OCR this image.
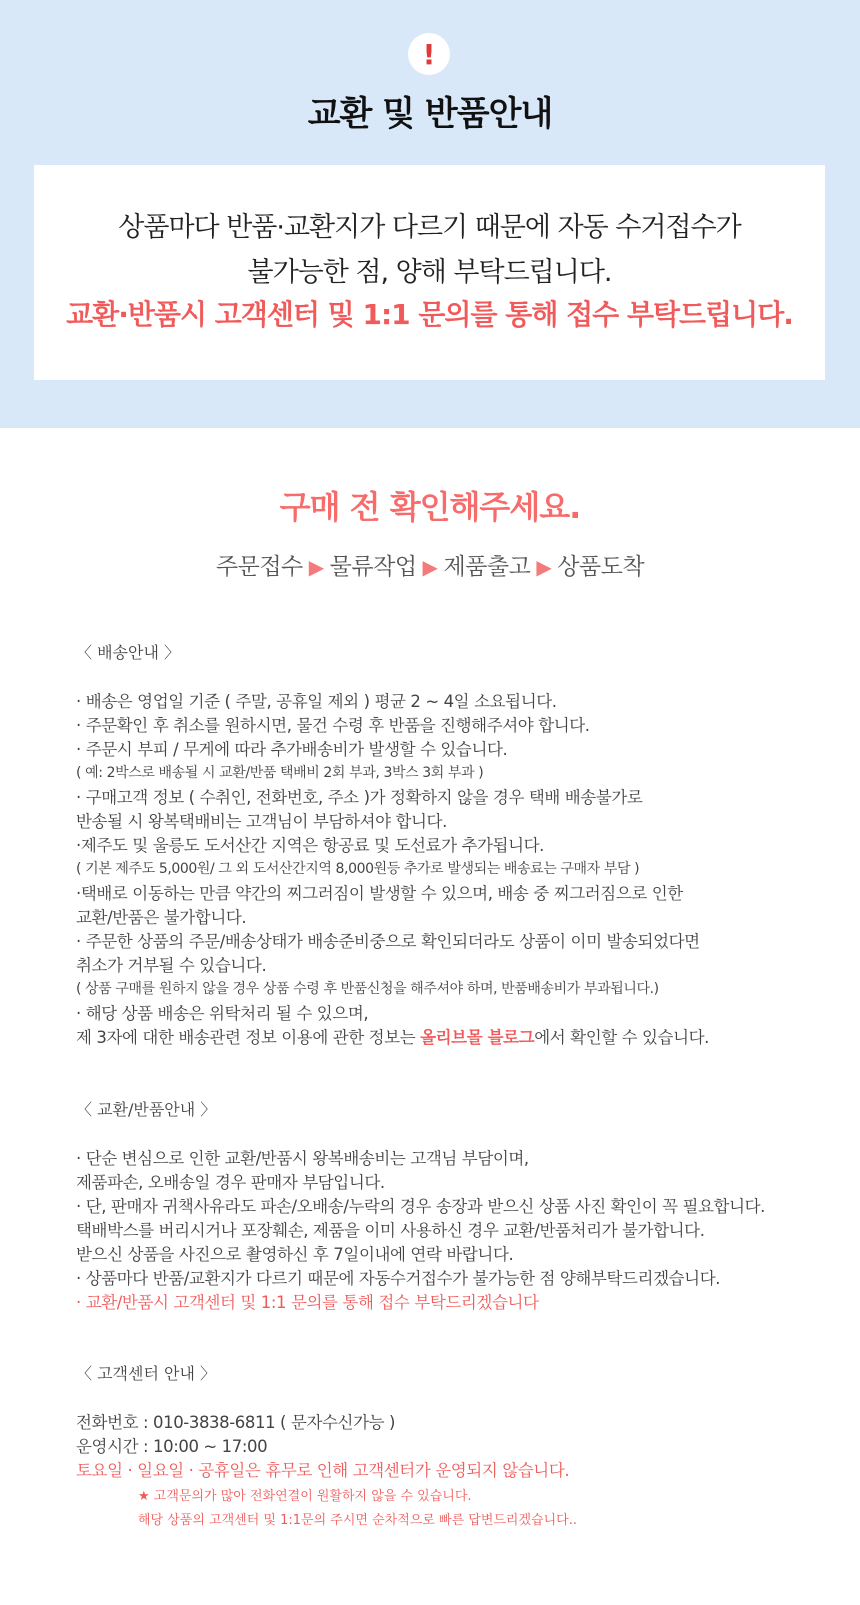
!
교환 및 반품안내
상품마다 반품·교환지가 다르기 때문에 자동 수거접수가
불가능한 점, 양해 부탁드립니다.
교환·반품시 고객센터 및 1:1 문의를 통해 접수 부탁드립니다.
구매 전 확인해주세요.
주문접수 ▶ 물류작업 ▶ 제품출고 ▶ 상품도착
〈 배송안내 〉
· 배송은 영업일 기준 ( 주말, 공휴일 제외 ) 평균 2 ~ 4일 소요됩니다.
· 주문확인 후 취소를 원하시면, 물건 수령 후 반품을 진행해주셔야 합니다.
· 주문시 부피 / 무게에 따라 추가배송비가 발생할 수 있습니다.
( 예: 2박스로 배송될 시 교환/반품 택배비 2회 부과, 3박스 3회 부과 )
· 구매고객 정보 ( 수취인, 전화번호, 주소 )가 정확하지 않을 경우 택배 배송불가로
반송될 시 왕복택배비는 고객님이 부담하셔야 합니다.
·제주도 및 울릉도 도서산간 지역은 항공료 및 도선료가 추가됩니다.
( 기본 제주도 5,000원/ 그 외 도서산간지역 8,000원등 추가로 발생되는 배송료는 구매자 부담 )
·택배로 이동하는 만큼 약간의 찌그러짐이 발생할 수 있으며, 배송 중 찌그러짐으로 인한
교환/반품은 불가합니다.
· 주문한 상품의 주문/배송상태가 배송준비중으로 확인되더라도 상품이 이미 발송되었다면
취소가 거부될 수 있습니다.
( 상품 구매를 원하지 않을 경우 상품 수령 후 반품신청을 해주셔야 하며, 반품배송비가 부과됩니다.)
· 해당 상품 배송은 위탁처리 될 수 있으며,
제 3자에 대한 배송관련 정보 이용에 관한 정보는 올리브몰 블로그에서 확인할 수 있습니다.
〈 교환/반품안내 〉
· 단순 변심으로 인한 교환/반품시 왕복배송비는 고객님 부담이며,
제품파손, 오배송일 경우 판매자 부담입니다.
· 단, 판매자 귀책사유라도 파손/오배송/누락의 경우 송장과 받으신 상품 사진 확인이 꼭 필요합니다.
택배박스를 버리시거나 포장훼손, 제품을 이미 사용하신 경우 교환/반품처리가 불가합니다.
받으신 상품을 사진으로 촬영하신 후 7일이내에 연락 바랍니다.
· 상품마다 반품/교환지가 다르기 때문에 자동수거접수가 불가능한 점 양해부탁드리겠습니다.
· 교환/반품시 고객센터 및 1:1 문의를 통해 접수 부탁드리겠습니다
〈 고객센터 안내 〉
전화번호 : 010-3838-6811 ( 문자수신가능 )
운영시간 : 10:00 ~ 17:00
토요일 · 일요일 · 공휴일은 휴무로 인해 고객센터가 운영되지 않습니다.
★ 고객문의가 많아 전화연결이 원활하지 않을 수 있습니다.
해당 상품의 고객센터 및 1:1문의 주시면 순차적으로 빠른 답변드리겠습니다..
